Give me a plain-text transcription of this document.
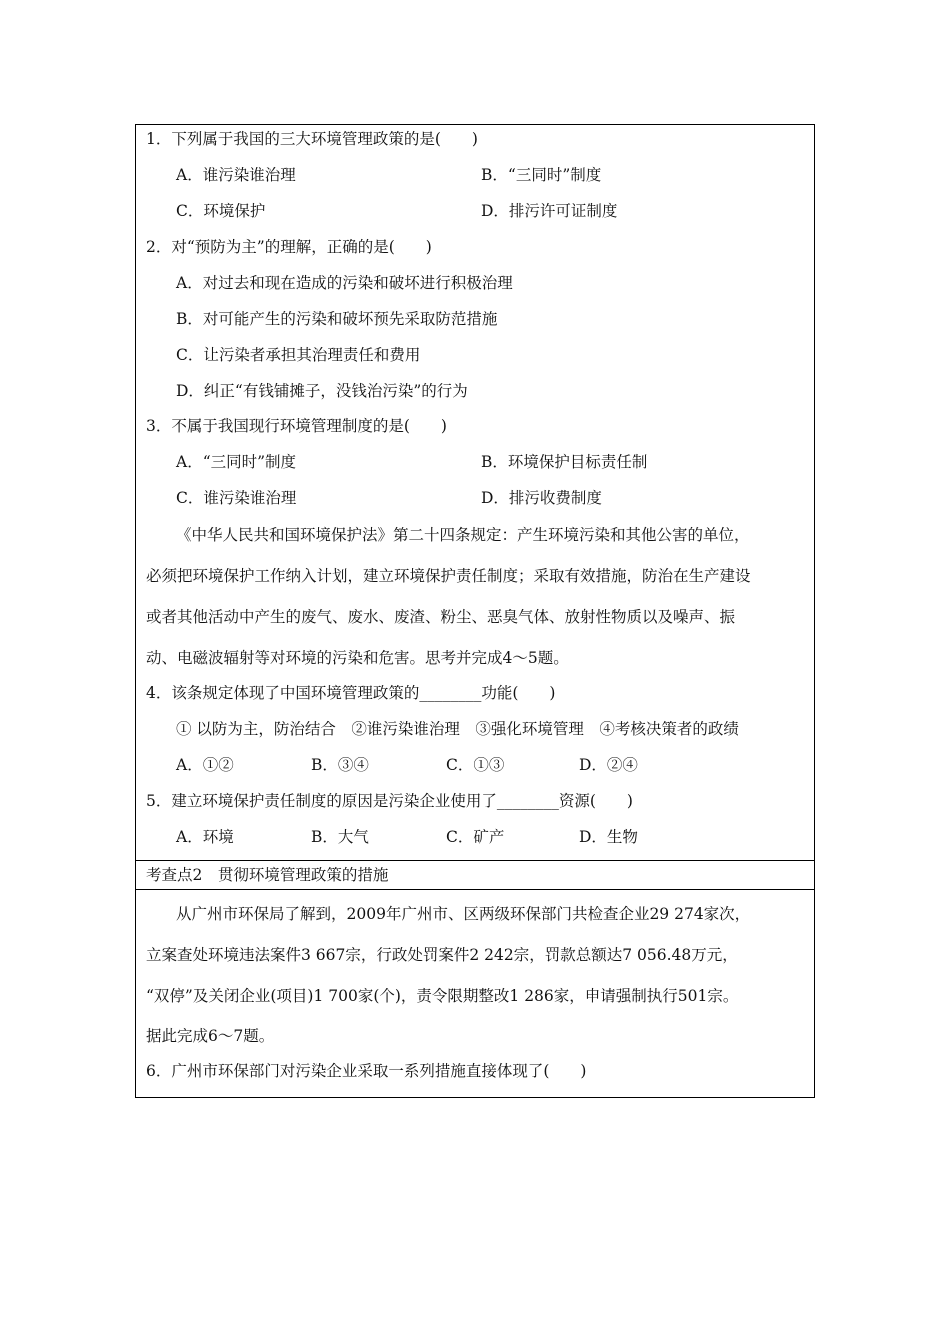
1．下列属于我国的三大环境管理政策的是(　　)
A．谁污染谁治理	B．“三同时”制度
C．环境保护	D．排污许可证制度
2．对“预防为主”的理解，正确的是(　　)
A．对过去和现在造成的污染和破坏进行积极治理
B．对可能产生的污染和破坏预先采取防范措施
C．让污染者承担其治理责任和费用
D．纠正“有钱铺摊子，没钱治污染”的行为
3．不属于我国现行环境管理制度的是(　　)
A．“三同时”制度	B．环境保护目标责任制
C．谁污染谁治理	D．排污收费制度
《中华人民共和国环境保护法》第二十四条规定：产生环境污染和其他公害的单位，
必须把环境保护工作纳入计划，建立环境保护责任制度；采取有效措施，防治在生产建设
或者其他活动中产生的废气、废水、废渣、粉尘、恶臭气体、放射性物质以及噪声、振
动、电磁波辐射等对环境的污染和危害。思考并完成4～5题。
4．该条规定体现了中国环境管理政策的________功能(　　)
① 以防为主，防治结合　②谁污染谁治理　③强化环境管理　④考核决策者的政绩
A．①②	B．③④	C．①③	D．②④
5．建立环境保护责任制度的原因是污染企业使用了________资源(　　)
A．环境	B．大气	C．矿产	D．生物
考查点2　贯彻环境管理政策的措施
从广州市环保局了解到，2009年广州市、区两级环保部门共检查企业29 274家次，
立案查处环境违法案件3 667宗，行政处罚案件2 242宗，罚款总额达7 056.48万元，
“双停”及关闭企业(项目)1 700家(个)，责令限期整改1 286家，申请强制执行501宗。
据此完成6～7题。
6．广州市环保部门对污染企业采取一系列措施直接体现了(　　)
